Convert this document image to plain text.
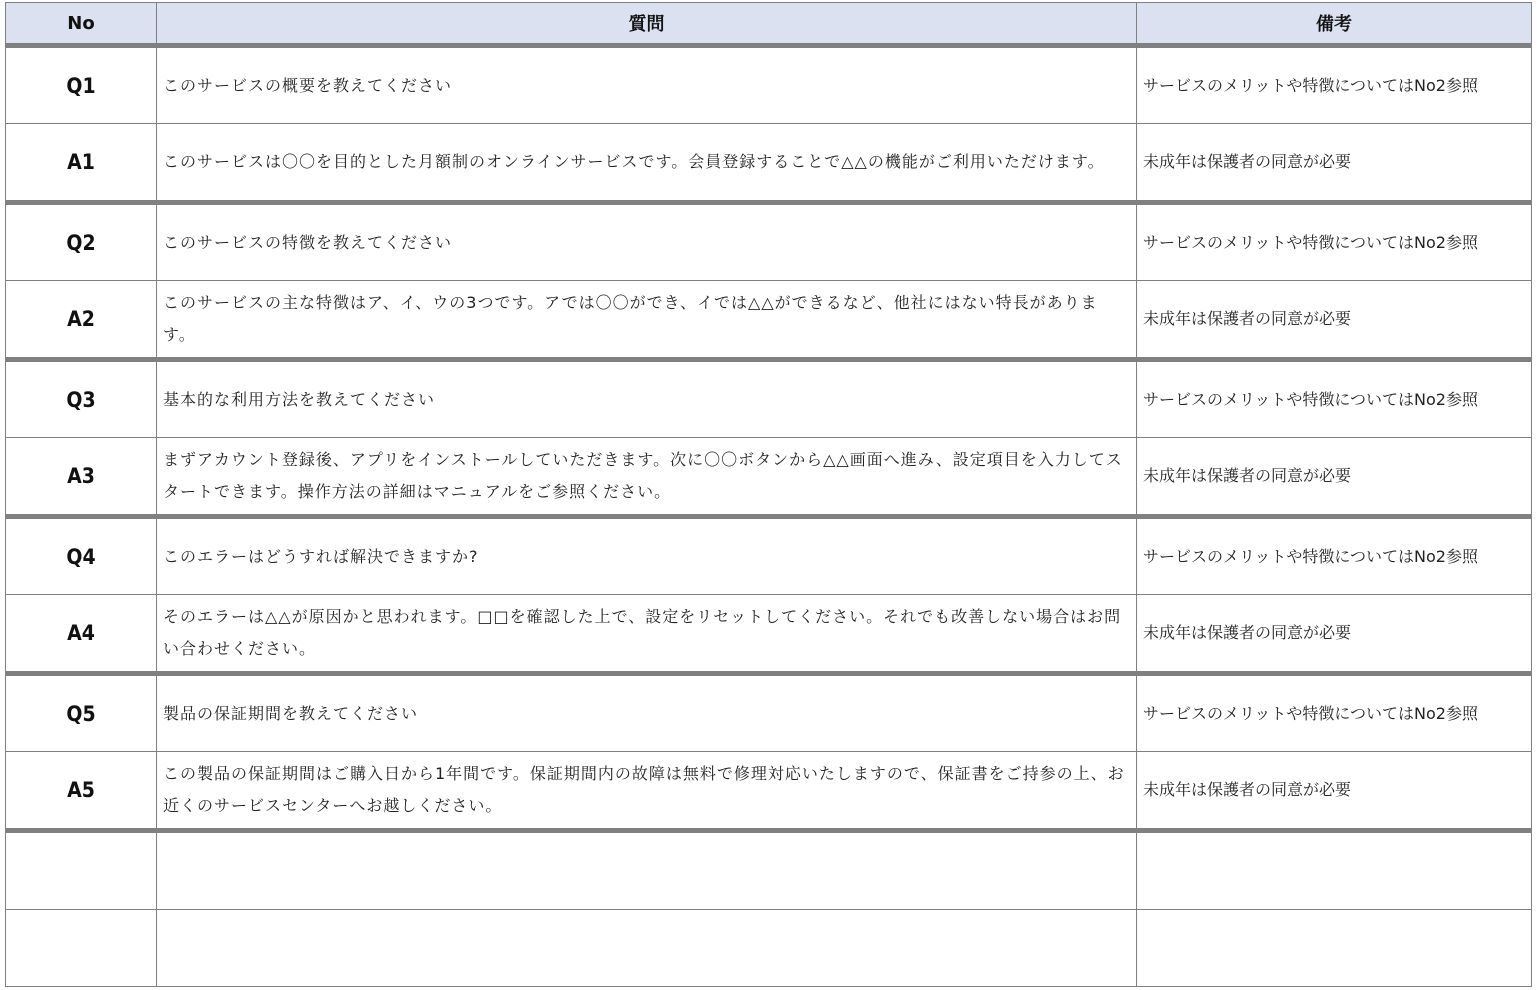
No	質問	備考
Q1	このサービスの概要を教えてください	サービスのメリットや特徴についてはNo2参照
A1	このサービスは〇〇を目的とした月額制のオンラインサービスです。会員登録することで△△の機能がご利用いただけます。	未成年は保護者の同意が必要
Q2	このサービスの特徴を教えてください	サービスのメリットや特徴についてはNo2参照
A2	このサービスの主な特徴はア、イ、ウの3つです。アでは〇〇ができ、イでは△△ができるなど、他社にはない特長があります。	未成年は保護者の同意が必要
Q3	基本的な利用方法を教えてください	サービスのメリットや特徴についてはNo2参照
A3	まずアカウント登録後、アプリをインストールしていただきます。次に〇〇ボタンから△△画面へ進み、設定項目を入力してスタートできます。操作方法の詳細はマニュアルをご参照ください。	未成年は保護者の同意が必要
Q4	このエラーはどうすれば解決できますか?	サービスのメリットや特徴についてはNo2参照
A4	そのエラーは△△が原因かと思われます。□□を確認した上で、設定をリセットしてください。それでも改善しない場合はお問い合わせください。	未成年は保護者の同意が必要
Q5	製品の保証期間を教えてください	サービスのメリットや特徴についてはNo2参照
A5	この製品の保証期間はご購入日から1年間です。保証期間内の故障は無料で修理対応いたしますので、保証書をご持参の上、お近くのサービスセンターへお越しください。	未成年は保護者の同意が必要
